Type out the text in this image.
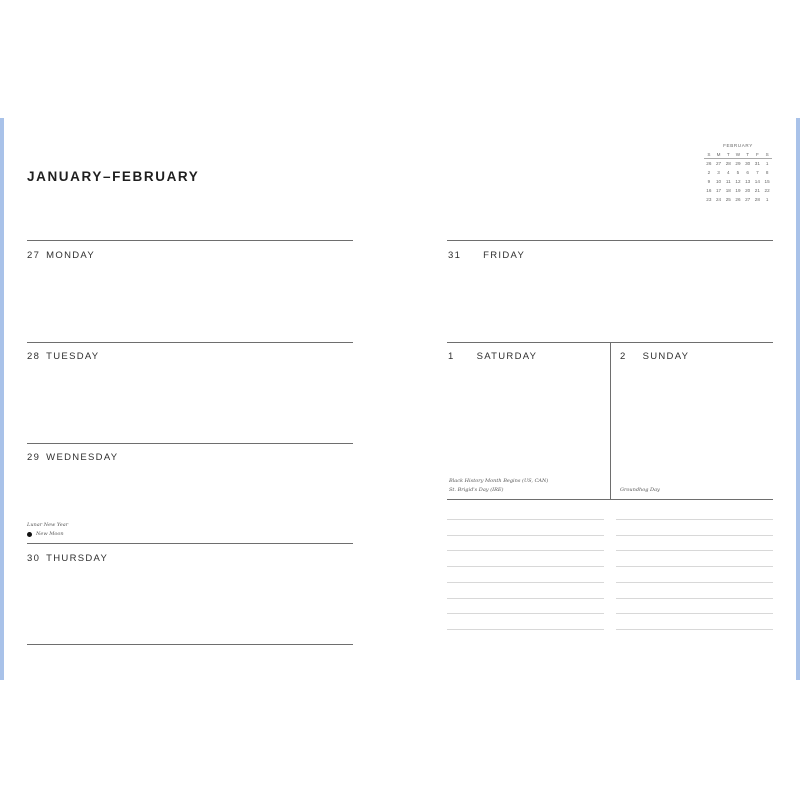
JANUARY–FEBRUARY
FEBRUARY
S	M	T	W	T	F	S
26	27	28	29	30	31	1
2	3	4	5	6	7	8
9	10	11	12	13	14	15
16	17	18	19	20	21	22
23	24	25	26	27	28	1
27 MONDAY
28 TUESDAY
29 WEDNESDAY
30 THURSDAY
31 FRIDAY
1 SATURDAY	2 SUNDAY
Lunar New Year
New Moon
Black History Month Begins (US, CAN)
St. Brigid's Day (IRE)	Groundhog Day
